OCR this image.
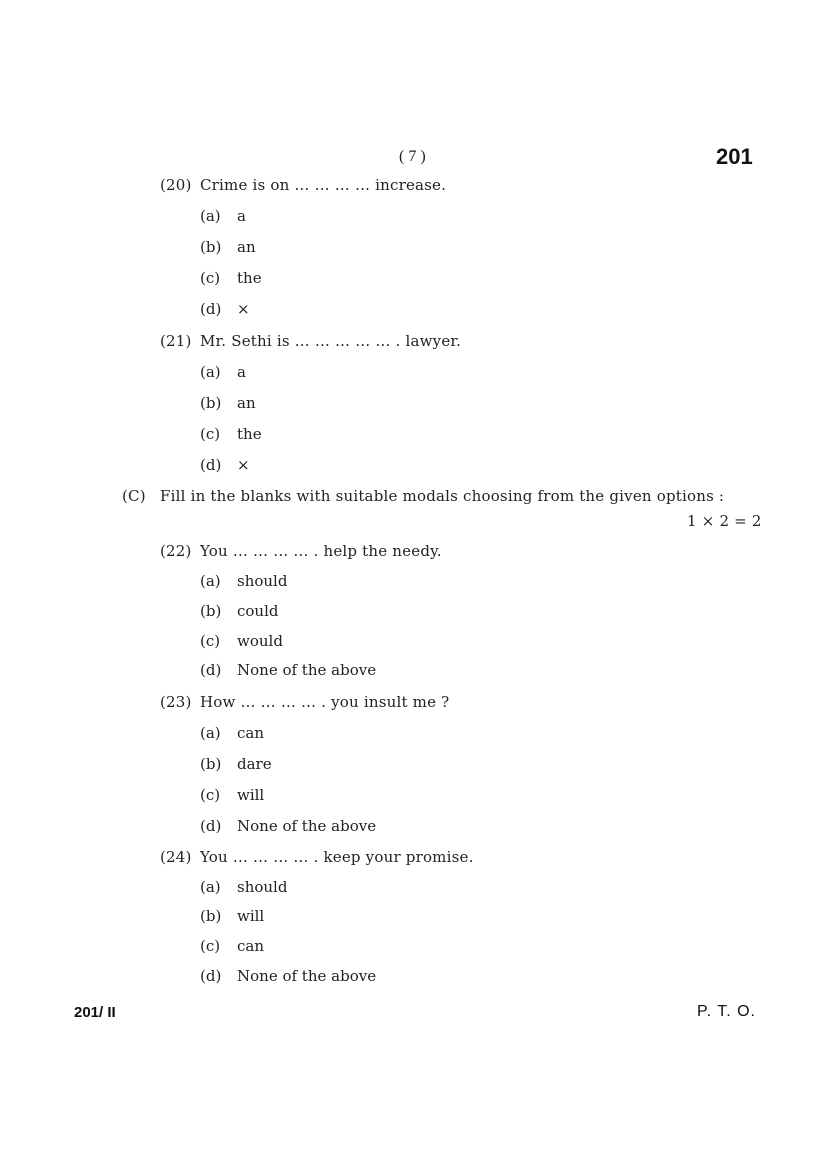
( 7 )	201
(20) Crime is on … … … … increase.
(a) a
(b) an
(c) the
(d) ×
(21) Mr. Sethi is … … … … … . lawyer.
(a) a
(b) an
(c) the
(d) ×
(C) Fill in the blanks with suitable modals choosing from the given options :
1 × 2 = 2
(22) You … … … … . help the needy.
(a) should
(b) could
(c) would
(d) None of the above
(23) How … … … … . you insult me ?
(a) can
(b) dare
(c) will
(d) None of the above
(24) You … … … … . keep your promise.
(a) should
(b) will
(c) can
(d) None of the above
201/ II	P. T. O.
